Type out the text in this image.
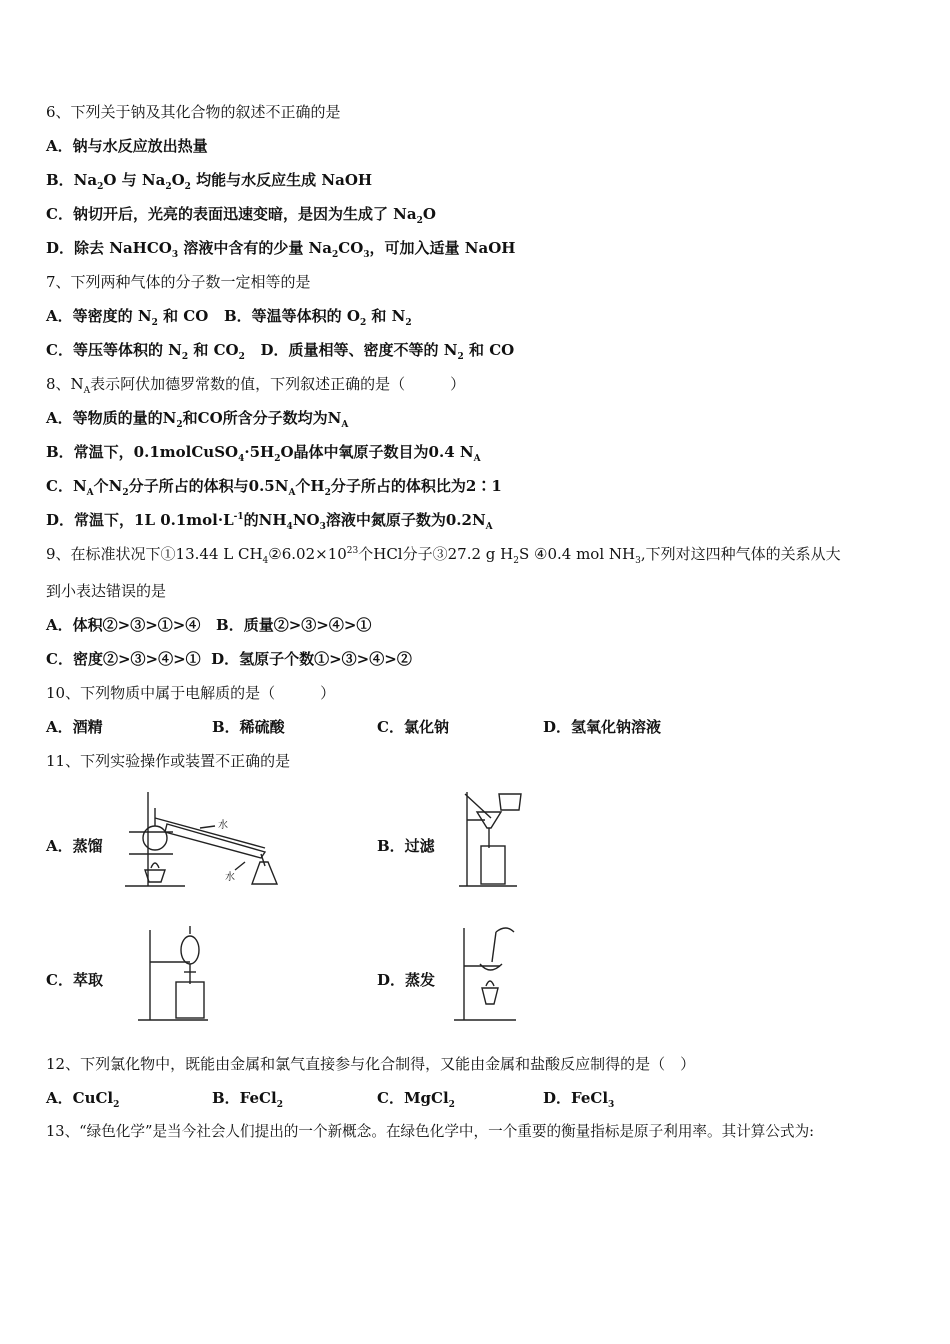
6、下列关于钠及其化合物的叙述不正确的是
A．钠与水反应放出热量
B．$Na_2O$ 与 $Na_2O_2$ 均能与水反应生成 NaOH
C．钠切开后，光亮的表面迅速变暗，是因为生成了 $Na_2O$
D．除去 NaHCO$_3$ 溶液中含有的少量 $Na_2CO_3$，可加入适量 NaOH
7、下列两种气体的分子数一定相等的是
A．等密度的 $N_2$ 和 CO B．等温等体积的 $O_2$ 和 $N_2$
C．等压等体积的 $N_2$ 和 $CO_2$ D．质量相等、密度不等的 $N_2$ 和 CO
8、$N_A$表示阿伏加德罗常数的值，下列叙述正确的是（　　　）
A．等物质的量的$N_2$和CO所含分子数均为$N_A$
B．常温下，$0.1molCuSO_4\cdot 5H_2O$晶体中氧原子数目为0.4 $N_A$
C．$N_A$个$N_2$分子所占的体积与$0.5N_A$个$H_2$分子所占的体积比为2∶1
D．常温下，1L $0.1mol\cdot L^{-1}$的$NH_4NO_3$溶液中氮原子数为$0.2N_A$
9、在标准状况下①13.44 L $CH_4②6.02\times 10^{23}$个HCl分子③27.2 g $H_2S$ ④0.4 mol $NH_3$,下列对这四种气体的关系从大
到小表达错误的是
A．体积②>③>①>④ B．质量②>③>④>①
C．密度②>③>④>① D．氢原子个数①>③>④>②
10、下列物质中属于电解质的是（　　　）
A．酒精	B．稀硫酸	C．氯化钠	D．氢氧化钠溶液
11、下列实验操作或装置不正确的是
A．蒸馏
水
水
B．过滤
C．萃取	D．蒸发
12、下列氯化物中，既能由金属和氯气直接参与化合制得，又能由金属和盐酸反应制得的是（　）
A．CuCl$_2$	B．FeCl$_2$	C．MgCl$_2$	D．FeCl$_3$
13、“绿色化学”是当今社会人们提出的一个新概念。在绿色化学中，一个重要的衡量指标是原子利用率。其计算公式为:
